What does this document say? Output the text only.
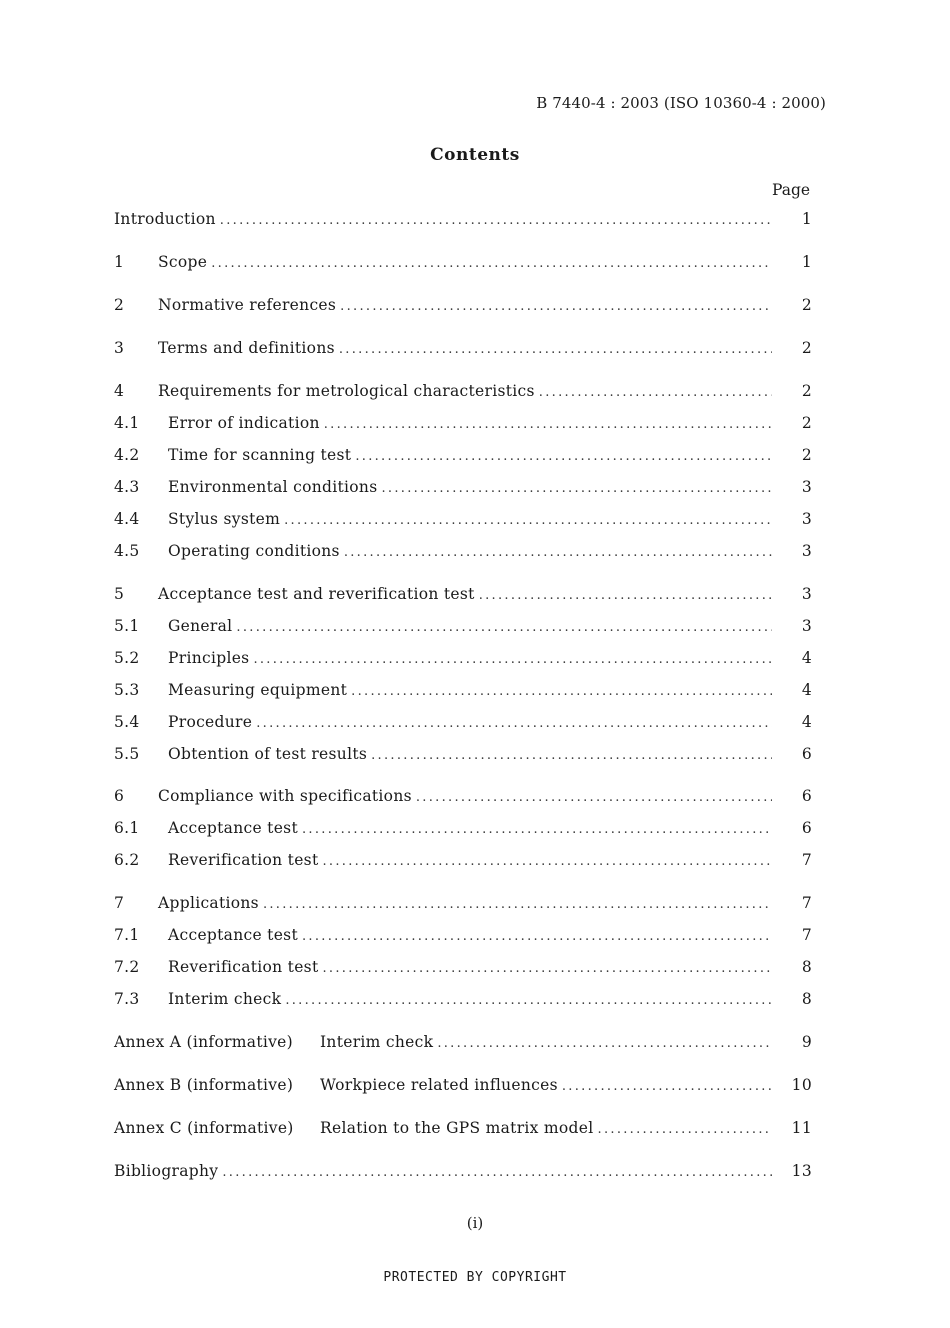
B 7440-4 : 2003 (ISO 10360-4 : 2000)
Contents
Page
Introduction .....	1
1	Scope .....	1
2	Normative references .....	2
3	Terms and definitions .....	2
4	Requirements for metrological characteristics .....	2
4.1	Error of indication .....	2
4.2	Time for scanning test .....	2
4.3	Environmental conditions .....	3
4.4	Stylus system .....	3
4.5	Operating conditions .....	3
5	Acceptance test and reverification test .....	3
5.1	General .....	3
5.2	Principles .....	4
5.3	Measuring equipment .....	4
5.4	Procedure .....	4
5.5	Obtention of test results .....	6
6	Compliance with specifications .....	6
6.1	Acceptance test .....	6
6.2	Reverification test .....	7
7	Applications .....	7
7.1	Acceptance test .....	7
7.2	Reverification test .....	8
7.3	Interim check .....	8
Annex A (informative)	Interim check .....	9
Annex B (informative)	Workpiece related influences .....	10
Annex C (informative)	Relation to the GPS matrix model .....	11
Bibliography .....	13
(i)
PROTECTED BY COPYRIGHT
